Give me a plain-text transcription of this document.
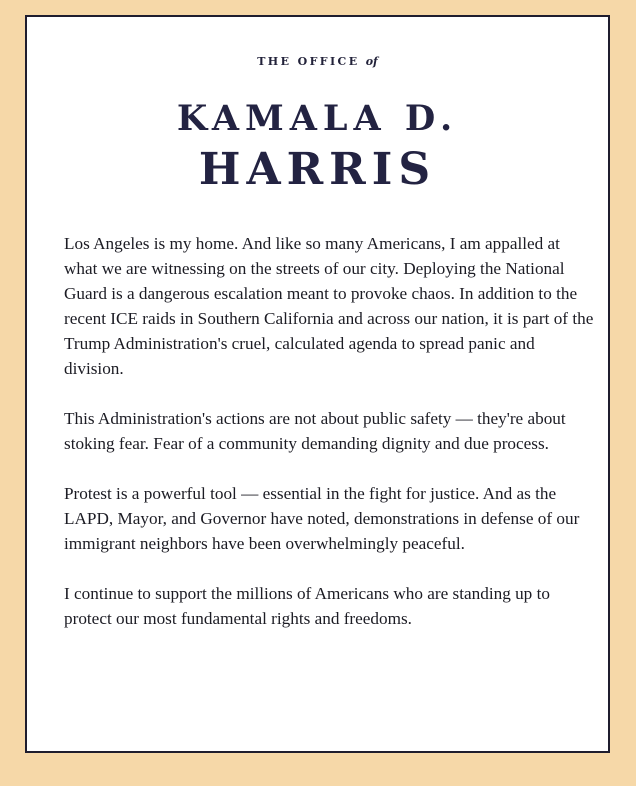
THE OFFICE of
KAMALA D.
HARRIS

Los Angeles is my home. And like so many Americans, I am appalled at what we are witnessing on the streets of our city. Deploying the National Guard is a dangerous escalation meant to provoke chaos. In addition to the recent ICE raids in Southern California and across our nation, it is part of the Trump Administration's cruel, calculated agenda to spread panic and division.

This Administration's actions are not about public safety — they're about stoking fear. Fear of a community demanding dignity and due process.

Protest is a powerful tool — essential in the fight for justice. And as the LAPD, Mayor, and Governor have noted, demonstrations in defense of our immigrant neighbors have been overwhelmingly peaceful.

I continue to support the millions of Americans who are standing up to protect our most fundamental rights and freedoms.
